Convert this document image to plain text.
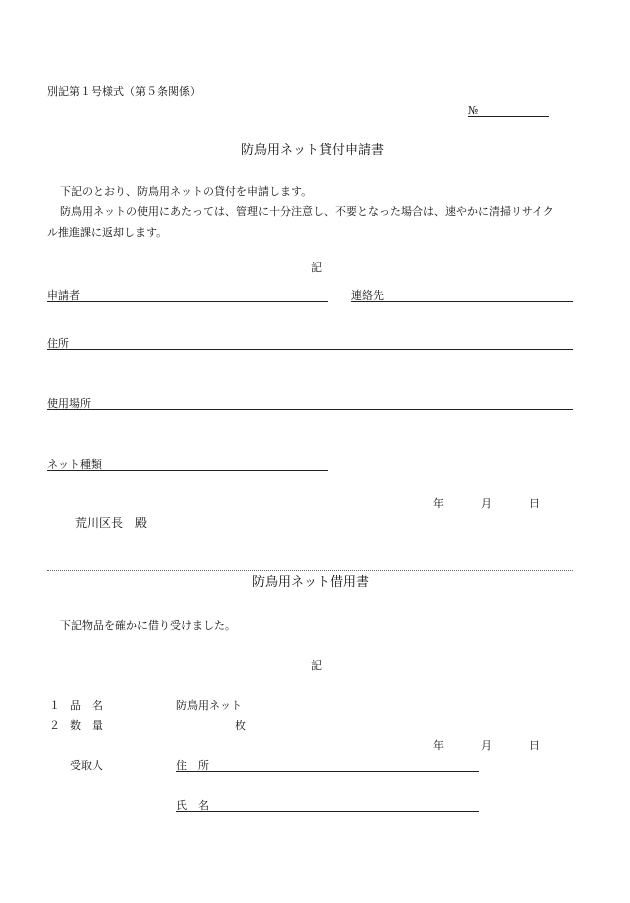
別記第１号様式（第５条関係）
№
防鳥用ネット貸付申請書
下記のとおり、防鳥用ネットの貸付を申請します。
防鳥用ネットの使用にあたっては、管理に十分注意し、不要となった場合は、速やかに清掃リサイク
ル推進課に返却します。
記
申請者	連絡先
住所
使用場所
ネット種類
年	月	日
荒川区長　殿
防鳥用ネット借用書
下記物品を確かに借り受けました。
記
１ 品　名	防鳥用ネット
２ 数　量	枚
年	月	日
受取人	住　所
氏　名
